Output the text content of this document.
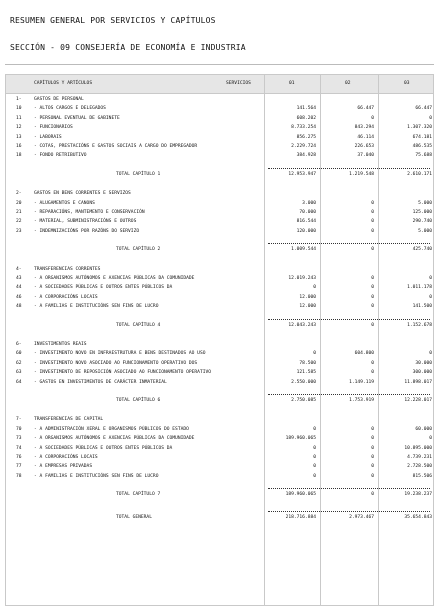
RESUMEN GENERAL POR SERVICIOS Y CAPÍTULOS
SECCIÓN - 09 CONSEJERÍA DE ECONOMÍA E INDUSTRIA
CAPÍTULOS Y ARTÍCULOS	SERVICIOS	01	02	03
1-	GASTOS DE PERSONAL
10	- ALTOS CARGOS E DELEGADOS	141.564	66.447	66.447
11	- PERSONAL EVENTUAL DE GABINETE	608.202	0	0
12	- FUNCIONARIOS	8.733.254	843.294	1.307.320
13	- LABORAIS	856.275	46.114	674.181
16	- COTAS, PRESTACIÓNS E GASTOS SOCIAIS A CARGO DO EMPREGADOR	2.229.724	226.653	486.535
18	- FONDO RETRIBUTIVO	384.928	37.040	75.688
TOTAL CAPÍTULO 1	12.953.947	1.219.548	2.610.171
2-	GASTOS EN BENS CORRENTES E SERVIZOS
20	- ALUGAMENTOS E CANONS	3.000	0	5.000
21	- REPARACIÓNS, MANTEMENTO E CONSERVACIÓN	70.000	0	125.000
22	- MATERIAL, SUBMINISTRACIÓNS E OUTROS	816.544	0	290.740
23	- INDEMNIZACIÓNS POR RAZÓNS DO SERVIZO	120.000	0	5.000
TOTAL CAPÍTULO 2	1.009.544	0	425.740
4-	TRANSFERENCIAS CORRENTES
43	- A ORGANISMOS AUTÓNOMOS E AXENCIAS PÚBLICAS DA COMUNIDADE	12.019.243	0	0
44	- A SOCIEDADES PÚBLICAS E OUTROS ENTES PÚBLICOS DA	0	0	1.011.178
46	- A CORPORACIÓNS LOCAIS	12.000	0	0
48	- A FAMILIAS E INSTITUCIÓNS SEN FINS DE LUCRO	12.000	0	141.500
TOTAL CAPÍTULO 4	12.043.243	0	1.152.678
6-	INVESTIMENTOS REAIS
60	- INVESTIMENTO NOVO EN INFRAESTRUTURA E BENS DESTINADOS AO USO	0	604.800	0
62	- INVESTIMENTO NOVO ASOCIADO AO FUNCIONAMENTO OPERATIVO DOS	78.500	0	30.000
63	- INVESTIMENTO DE REPOSICIÓN ASOCIADO AO FUNCIONAMENTO OPERATIVO	121.585	0	300.000
64	- GASTOS EN INVESTIMENTOS DE CARÁCTER INMATERIAL	2.550.000	1.149.119	11.898.017
TOTAL CAPÍTULO 6	2.750.085	1.753.919	12.228.017
7-	TRANSFERENCIAS DE CAPITAL
70	- A ADMINISTRACIÓN XERAL E ORGANISMOS PÚBLICOS DO ESTADO	0	0	60.000
73	- A ORGANISMOS AUTÓNOMOS E AXENCIAS PÚBLICAS DA COMUNIDADE	189.960.065	0	0
74	- A SOCIEDADES PÚBLICAS E OUTROS ENTES PÚBLICOS DA	0	0	10.895.000
76	- A CORPORACIÓNS LOCAIS	0	0	4.739.231
77	- A EMPRESAS PRIVADAS	0	0	2.728.500
78	- A FAMILIAS E INSTITUCIÓNS SEN FINS DE LUCRO	0	0	815.506
TOTAL CAPÍTULO 7	189.960.065	0	19.238.237
TOTAL GENERAL	218.716.884	2.973.467	35.654.843
